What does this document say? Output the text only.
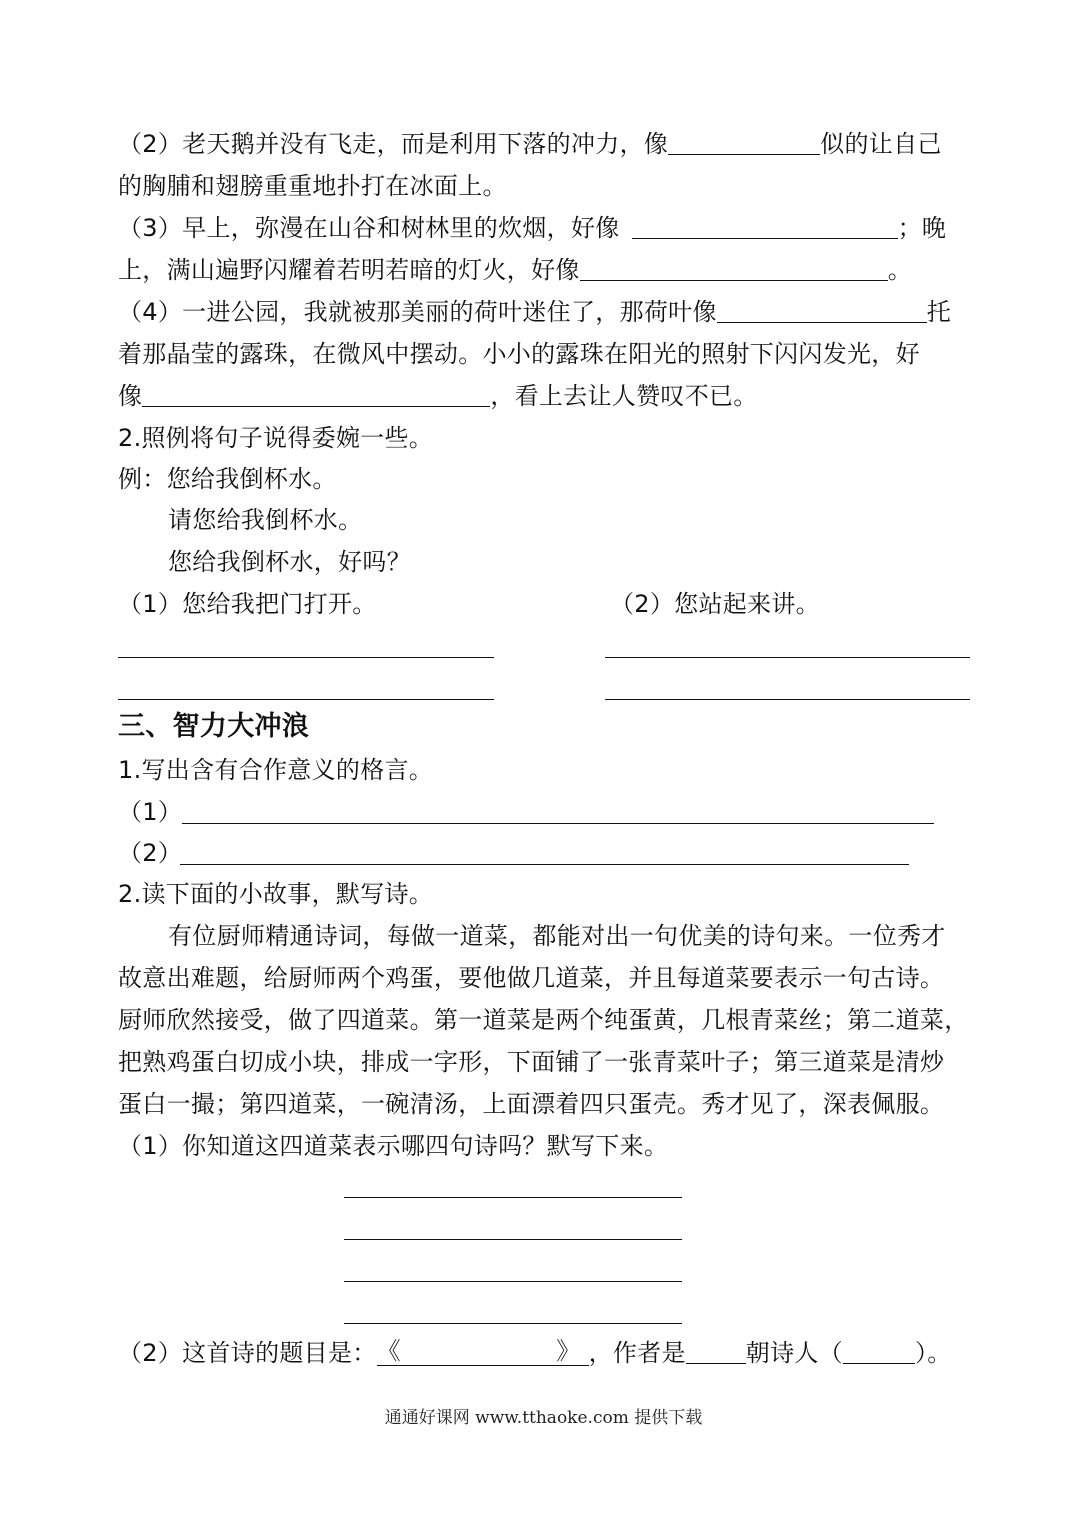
（2）老天鹅并没有飞走，而是利用下落的冲力，像	似的让自己
的胸脯和翅膀重重地扑打在冰面上。
（3）早上，弥漫在山谷和树林里的炊烟，好像	；晚
上，满山遍野闪耀着若明若暗的灯火，好像	。
（4）一进公园，我就被那美丽的荷叶迷住了，那荷叶像	托
着那晶莹的露珠，在微风中摆动。小小的露珠在阳光的照射下闪闪发光，好
像	，看上去让人赞叹不已。
2.照例将句子说得委婉一些。
例：您给我倒杯水。
请您给我倒杯水。
您给我倒杯水，好吗？
（1）您给我把门打开。	（2）您站起来讲。
三、智力大冲浪
1.写出含有合作意义的格言。
（1）
（2）
2.读下面的小故事，默写诗。
有位厨师精通诗词，每做一道菜，都能对出一句优美的诗句来。一位秀才
故意出难题，给厨师两个鸡蛋，要他做几道菜，并且每道菜要表示一句古诗。
厨师欣然接受，做了四道菜。第一道菜是两个纯蛋黄，几根青菜丝；第二道菜，
把熟鸡蛋白切成小块，排成一字形，下面铺了一张青菜叶子；第三道菜是清炒
蛋白一撮；第四道菜，一碗清汤，上面漂着四只蛋壳。秀才见了，深表佩服。
（1）你知道这四道菜表示哪四句诗吗？默写下来。
（2）这首诗的题目是： 《	》 ，作者是	朝诗人（	）。
通通好课网 www.tthaoke.com 提供下载
